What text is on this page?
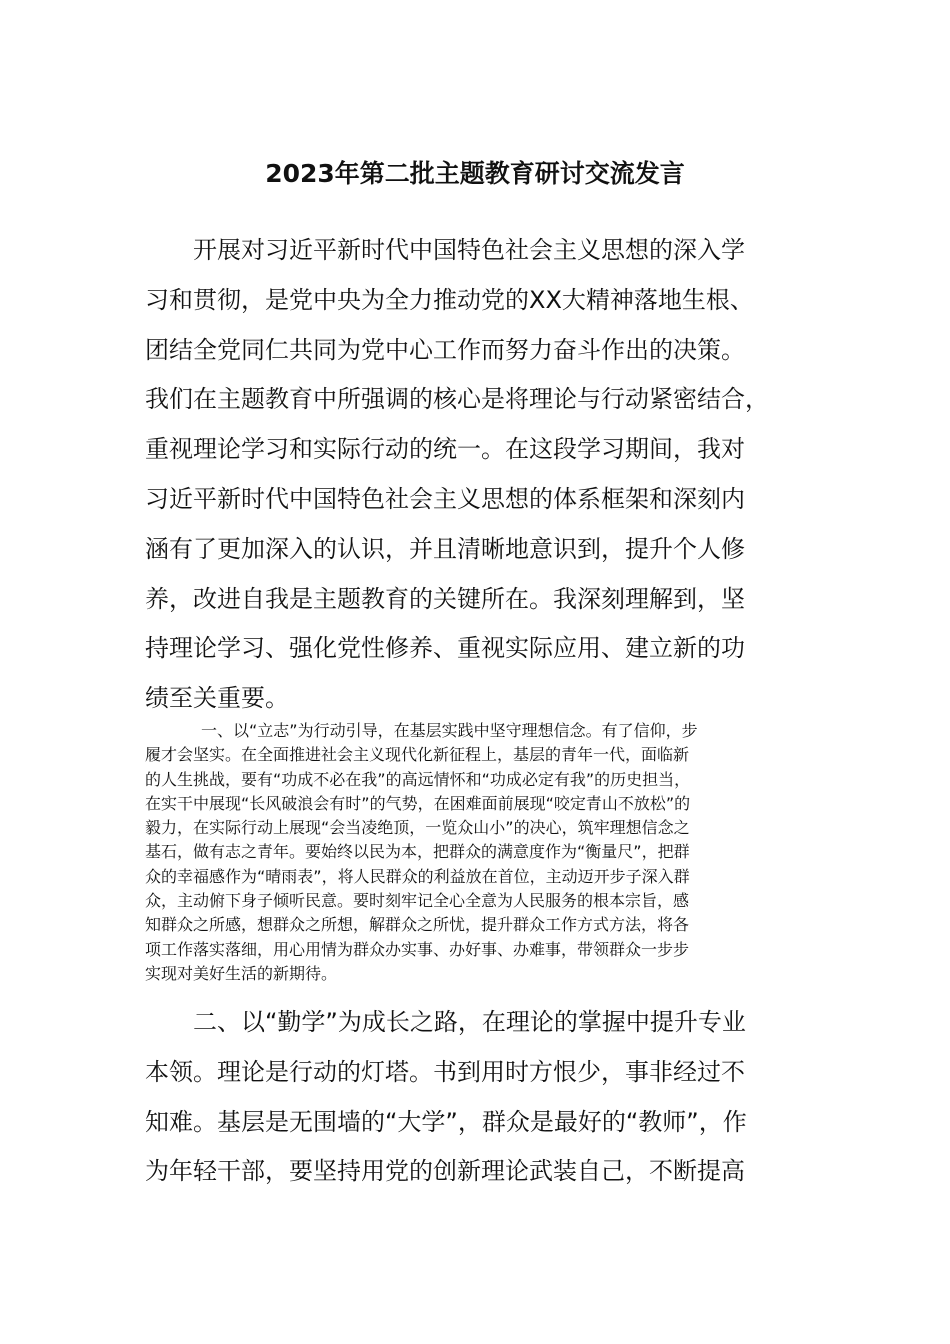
2023年第二批主题教育研讨交流发言
开展对习近平新时代中国特色社会主义思想的深入学
习和贯彻，是党中央为全力推动党的XX大精神落地生根、
团结全党同仁共同为党中心工作而努力奋斗作出的决策。
我们在主题教育中所强调的核心是将理论与行动紧密结合，
重视理论学习和实际行动的统一。在这段学习期间，我对
习近平新时代中国特色社会主义思想的体系框架和深刻内
涵有了更加深入的认识，并且清晰地意识到，提升个人修
养，改进自我是主题教育的关键所在。我深刻理解到，坚
持理论学习、强化党性修养、重视实际应用、建立新的功
绩至关重要。
一、以“立志”为行动引导，在基层实践中坚守理想信念。有了信仰，步
履才会坚实。在全面推进社会主义现代化新征程上，基层的青年一代，面临新
的人生挑战，要有“功成不必在我”的高远情怀和“功成必定有我”的历史担当，
在实干中展现“长风破浪会有时”的气势，在困难面前展现“咬定青山不放松”的
毅力，在实际行动上展现“会当凌绝顶，一览众山小”的决心，筑牢理想信念之
基石，做有志之青年。要始终以民为本，把群众的满意度作为“衡量尺”，把群
众的幸福感作为“晴雨表”，将人民群众的利益放在首位，主动迈开步子深入群
众，主动俯下身子倾听民意。要时刻牢记全心全意为人民服务的根本宗旨，感
知群众之所感，想群众之所想，解群众之所忧，提升群众工作方式方法，将各
项工作落实落细，用心用情为群众办实事、办好事、办难事，带领群众一步步
实现对美好生活的新期待。
二、以“勤学”为成长之路，在理论的掌握中提升专业
本领。理论是行动的灯塔。书到用时方恨少，事非经过不
知难。基层是无围墙的“大学”，群众是最好的“教师”，作
为年轻干部，要坚持用党的创新理论武装自己，不断提高
